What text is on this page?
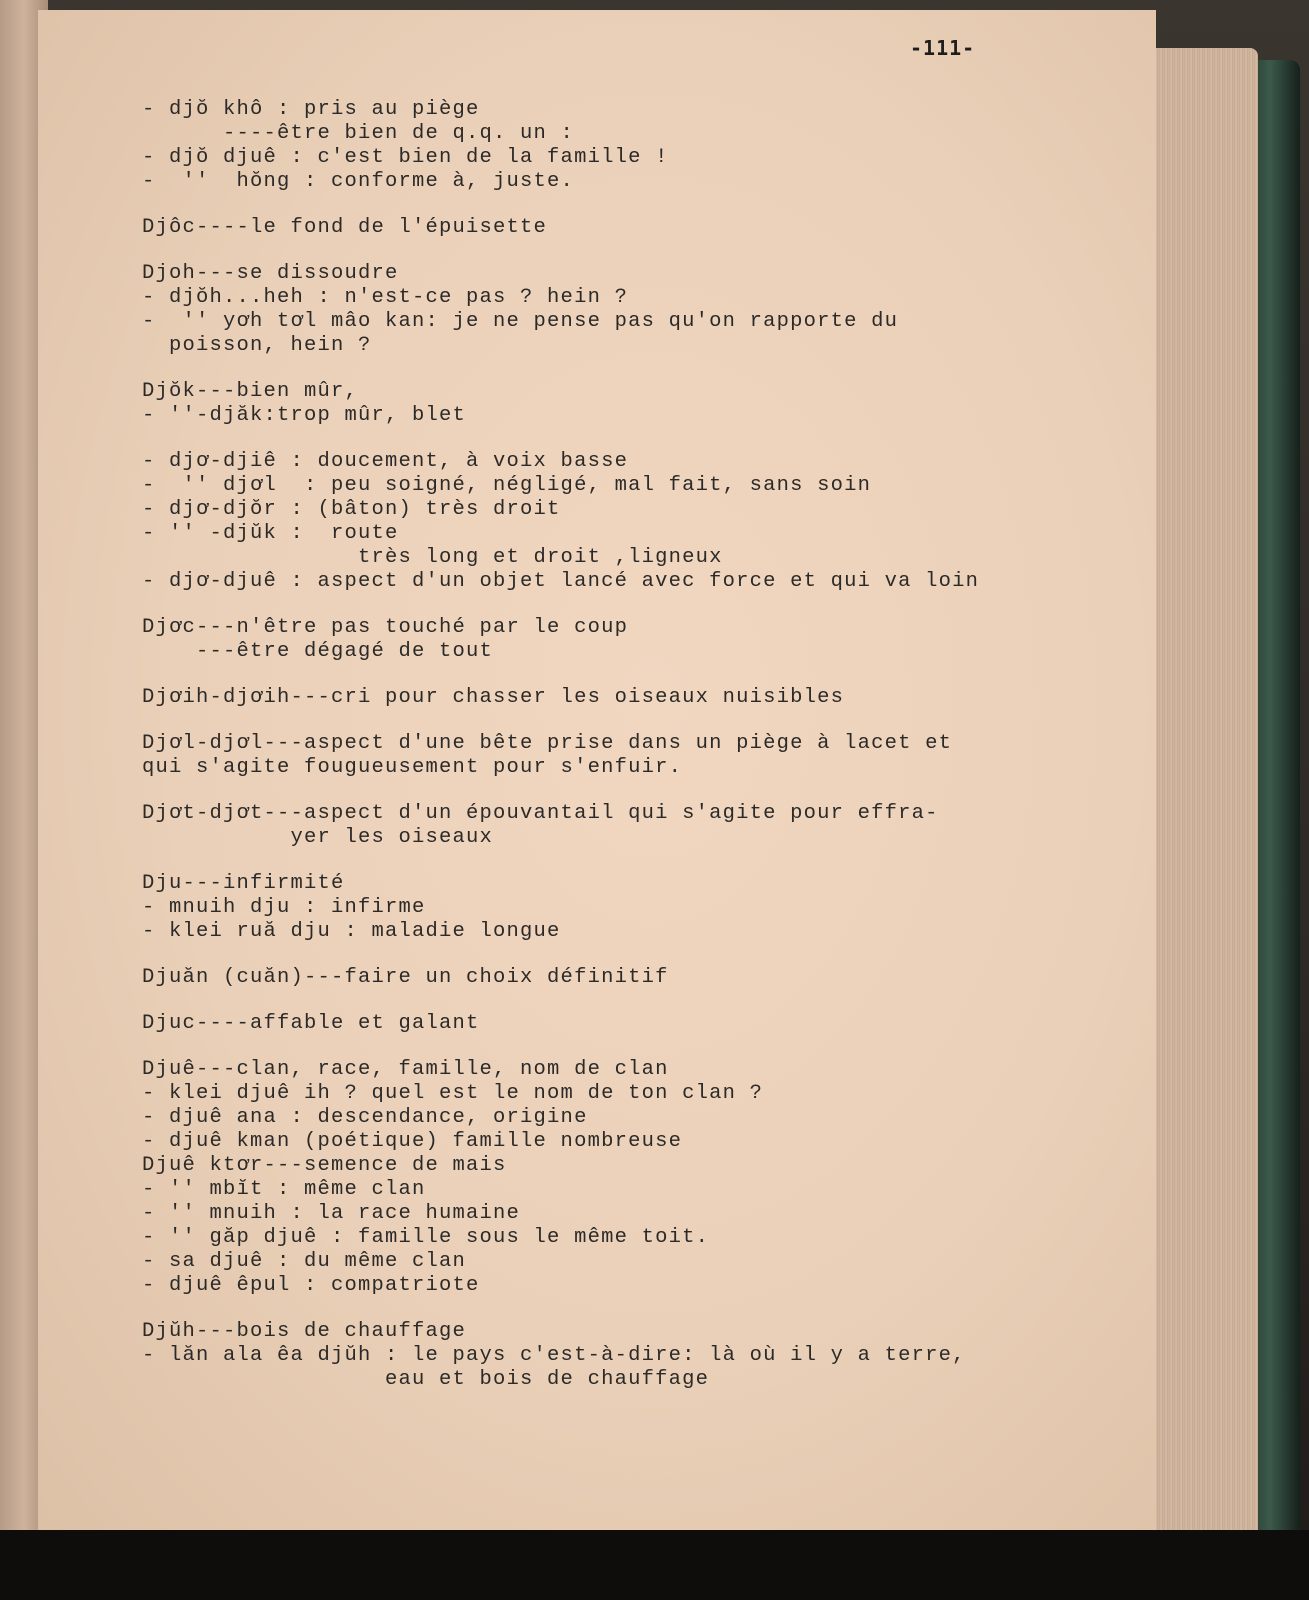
-111-
- djŏ khô : pris au piège
----être bien de q.q. un :
- djŏ djuê : c'est bien de la famille !
-  ''  hŏng : conforme à, juste.
Djôc----le fond de l'épuisette
Djoh---se dissoudre
- djŏh...heh : n'est-ce pas ? hein ?
-  '' yơh tơl mâo kan: je ne pense pas qu'on rapporte du
poisson, hein ?
Djŏk---bien mûr,
- ''-djăk:trop mûr, blet
- djơ-djiê : doucement, à voix basse
-  '' djơl  : peu soigné, négligé, mal fait, sans soin
- djơ-djŏr : (bâton) très droit
- '' -djŭk :  route
très long et droit ,ligneux
- djơ-djuê : aspect d'un objet lancé avec force et qui va loin
Djơc---n'être pas touché par le coup
---être dégagé de tout
Djơih-djơih---cri pour chasser les oiseaux nuisibles
Djơl-djơl---aspect d'une bête prise dans un piège à lacet et
qui s'agite fougueusement pour s'enfuir.
Djơt-djơt---aspect d'un épouvantail qui s'agite pour effra-
yer les oiseaux
Dju---infirmité
- mnuih dju : infirme
- klei ruă dju : maladie longue
Djuăn (cuăn)---faire un choix définitif
Djuc----affable et galant
Djuê---clan, race, famille, nom de clan
- klei djuê ih ? quel est le nom de ton clan ?
- djuê ana : descendance, origine
- djuê kman (poétique) famille nombreuse
Djuê ktơr---semence de mais
- '' mbĭt : même clan
- '' mnuih : la race humaine
- '' găp djuê : famille sous le même toit.
- sa djuê : du même clan
- djuê êpul : compatriote
Djŭh---bois de chauffage
- lăn ala êa djŭh : le pays c'est-à-dire: là où il y a terre,
eau et bois de chauffage
